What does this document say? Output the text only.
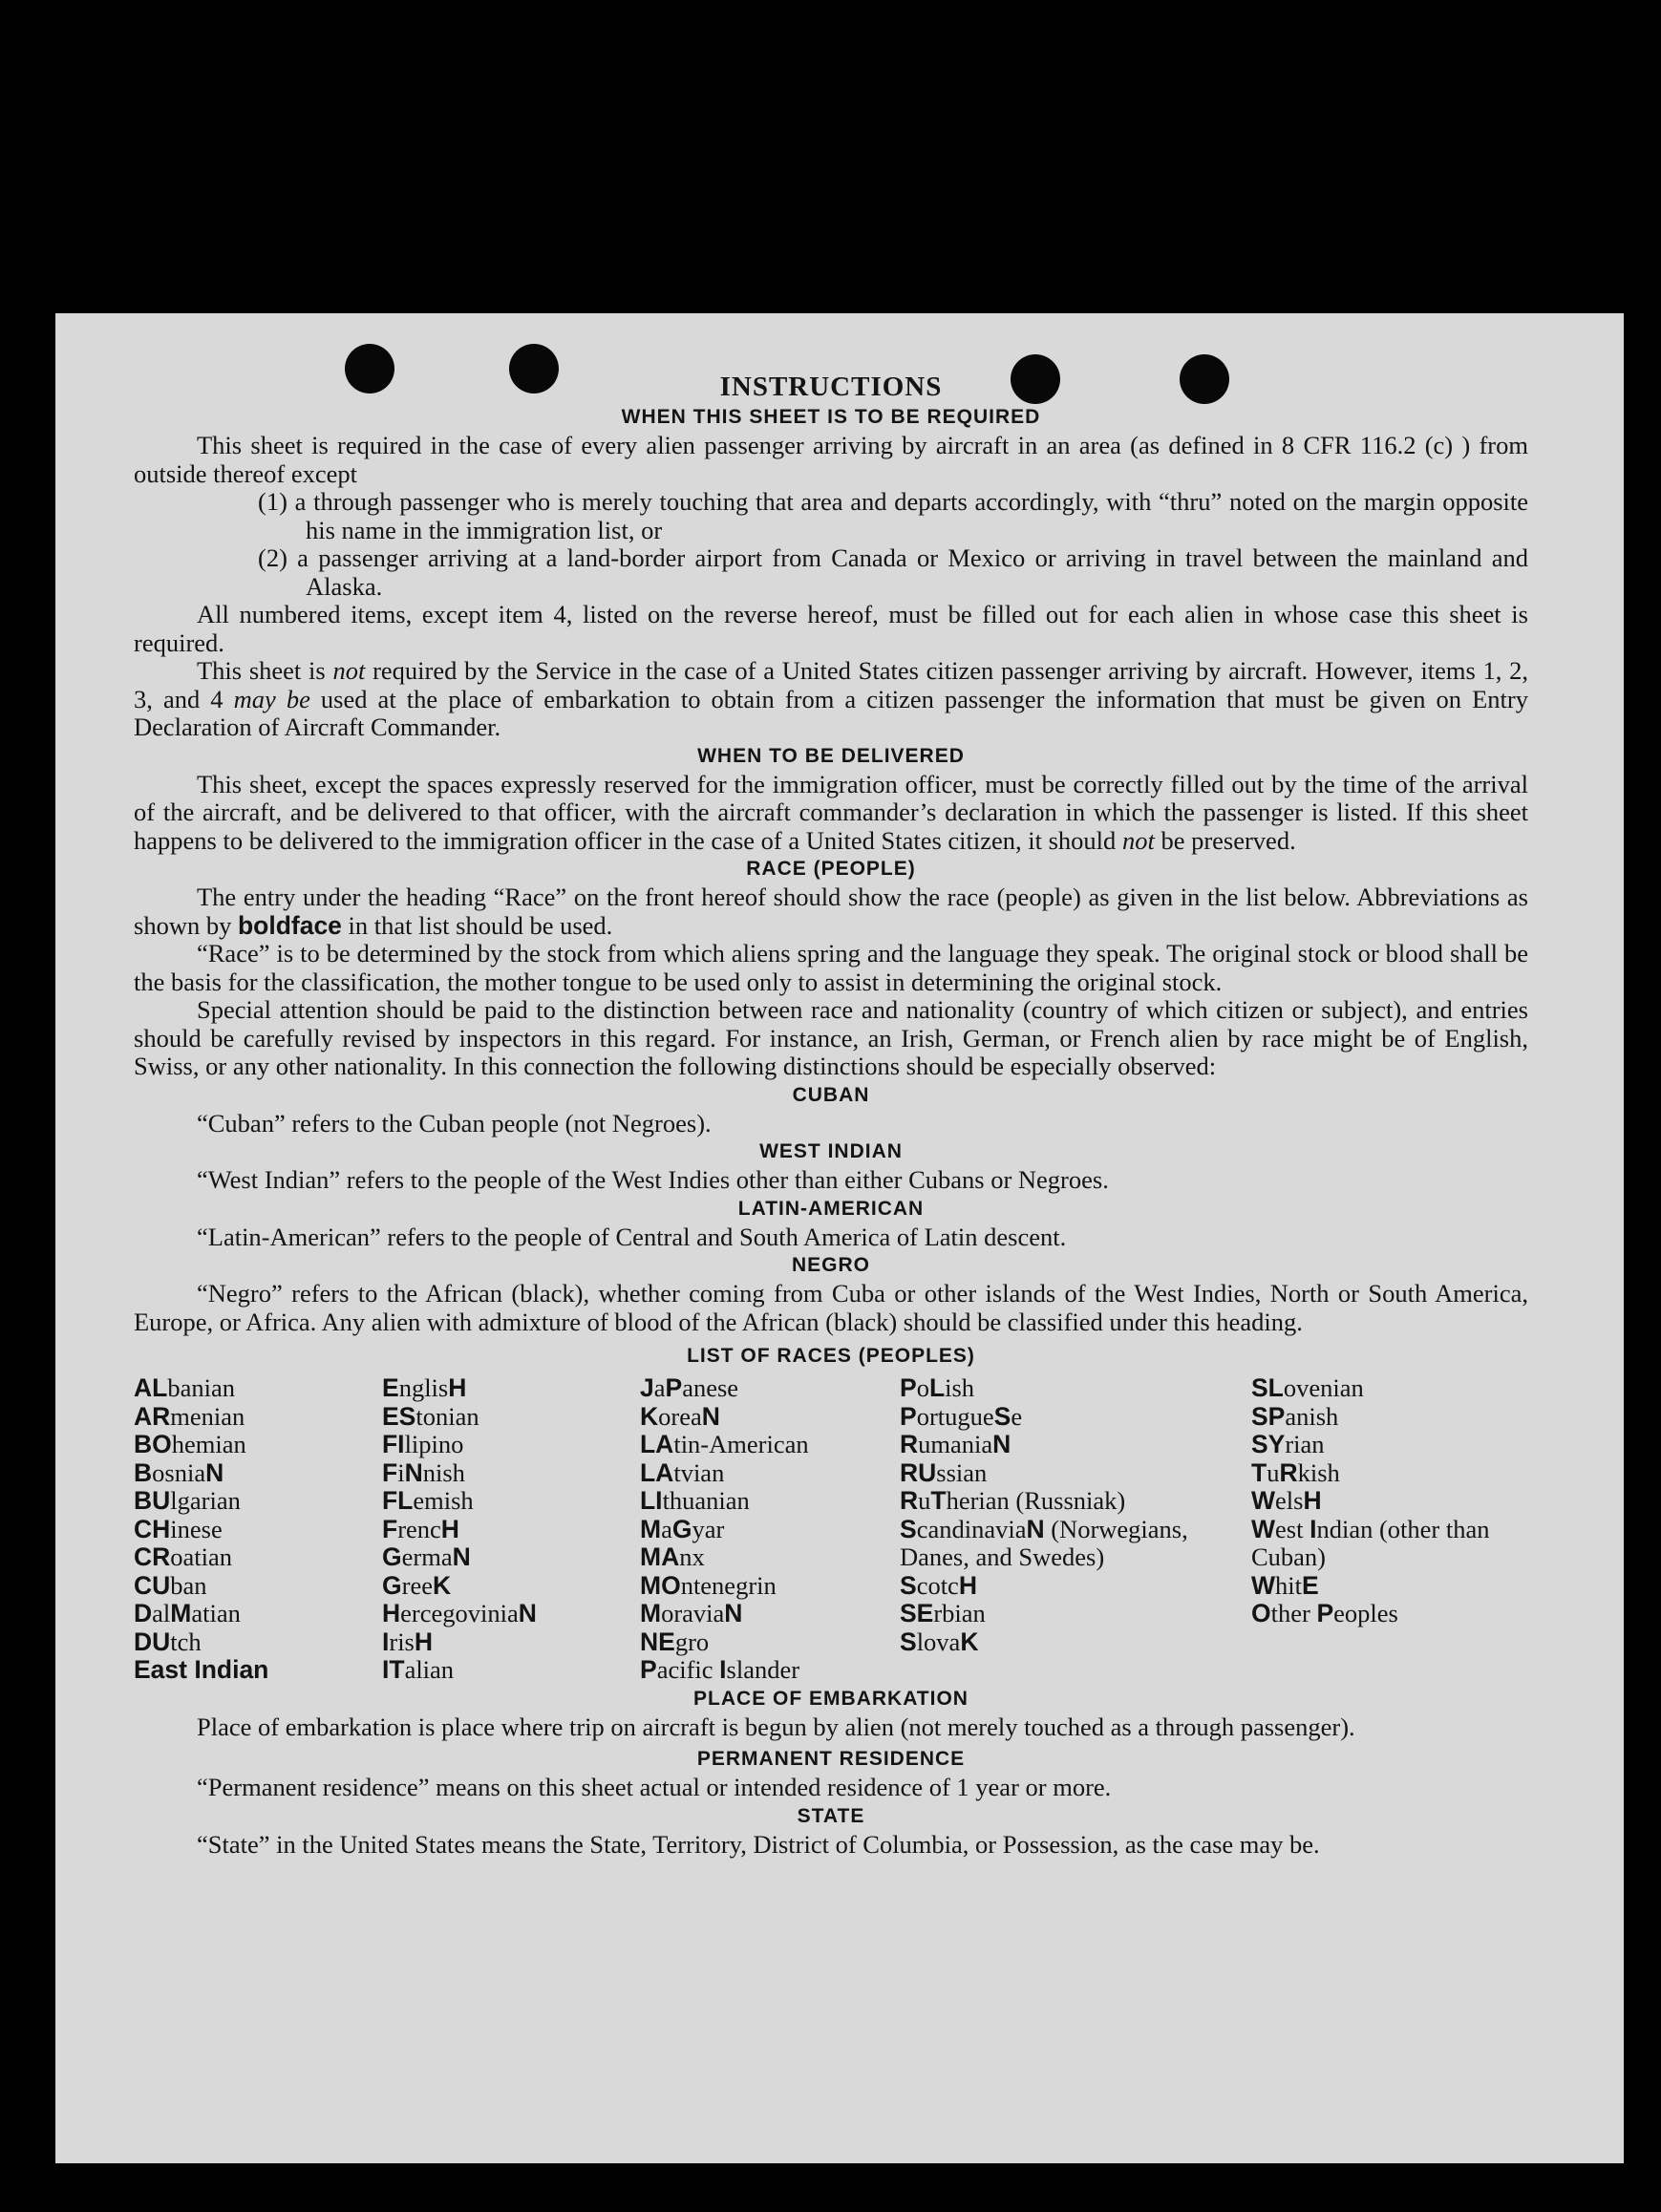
INSTRUCTIONS
WHEN THIS SHEET IS TO BE REQUIRED

This sheet is required in the case of every alien passenger arriving by aircraft in an area (as defined in 8 CFR 116.2 (c) ) from outside thereof except

(1) a through passenger who is merely touching that area and departs accordingly, with “thru” noted on the margin opposite his name in the immigration list, or

(2) a passenger arriving at a land-border airport from Canada or Mexico or arriving in travel between the mainland and Alaska.

All numbered items, except item 4, listed on the reverse hereof, must be filled out for each alien in whose case this sheet is required.

This sheet is not required by the Service in the case of a United States citizen passenger arriving by aircraft. However, items 1, 2, 3, and 4 may be used at the place of embarkation to obtain from a citizen passenger the information that must be given on Entry Declaration of Aircraft Commander.

WHEN TO BE DELIVERED

This sheet, except the spaces expressly reserved for the immigration officer, must be correctly filled out by the time of the arrival of the aircraft, and be delivered to that officer, with the aircraft commander’s declaration in which the passenger is listed. If this sheet happens to be delivered to the immigration officer in the case of a United States citizen, it should not be preserved.

RACE (PEOPLE)

The entry under the heading “Race” on the front hereof should show the race (people) as given in the list below. Abbreviations as shown by boldface in that list should be used.

“Race” is to be determined by the stock from which aliens spring and the language they speak. The original stock or blood shall be the basis for the classification, the mother tongue to be used only to assist in determining the original stock.

Special attention should be paid to the distinction between race and nationality (country of which citizen or subject), and entries should be carefully revised by inspectors in this regard. For instance, an Irish, German, or French alien by race might be of English, Swiss, or any other nationality. In this connection the following distinctions should be especially observed:

CUBAN

“Cuban” refers to the Cuban people (not Negroes).

WEST INDIAN

“West Indian” refers to the people of the West Indies other than either Cubans or Negroes.

LATIN-AMERICAN

“Latin-American” refers to the people of Central and South America of Latin descent.

NEGRO

“Negro” refers to the African (black), whether coming from Cuba or other islands of the West Indies, North or South America, Europe, or Africa. Any alien with admixture of blood of the African (black) should be classified under this heading.

LIST OF RACES (PEOPLES)
ALbanian
ARmenian
BOhemian
BosniaN
BUlgarian
CHinese
CRoatian
CUban
DalMatian
DUtch
East Indian
EnglisH
EStonian
FIlipino
FiNnish
FLemish
FrencH
GermaN
GreeK
HercegoviniaN
IrisH
ITalian
JaPanese
KoreaN
LAtin-American
LAtvian
LIthuanian
MaGyar
MAnx
MOntenegrin
MoraviaN
NEgro
Pacific Islander
PoLish
PortugueSe
RumaniaN
RUssian
RuTherian (Russniak)
ScandinaviaN (Norwegians, Danes, and Swedes)
ScotcH
SErbian
SlovaK
SLovenian
SPanish
SYrian
TuRkish
WelsH
West Indian (other than Cuban)
WhitE
Other Peoples
PLACE OF EMBARKATION

Place of embarkation is place where trip on aircraft is begun by alien (not merely touched as a through passenger).

PERMANENT RESIDENCE

“Permanent residence” means on this sheet actual or intended residence of 1 year or more.

STATE

“State” in the United States means the State, Territory, District of Columbia, or Possession, as the case may be.
